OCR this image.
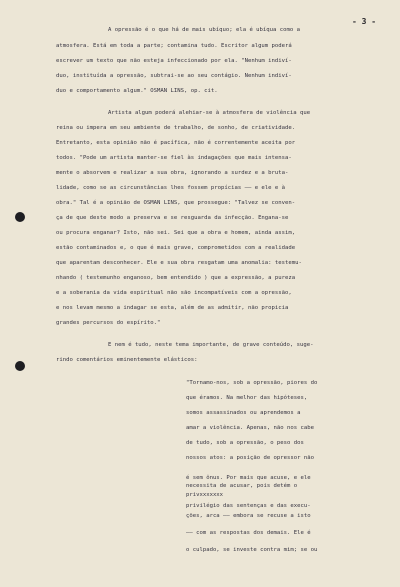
- 3 -
A opressão é o que há de mais ubíquo; ela é ubíqua como a
atmosfera. Está em toda a parte; contamina tudo. Escritor algum poderá
escrever um texto que não esteja infeccionado por ela. "Nenhum indiví-
duo, instituída a opressão, subtrai-se ao seu contágio. Nenhum indiví-
duo e comportamento algum." OSMAN LINS, op. cit.
Artista algum poderá alehiar-se à atmosfera de violência que
reina ou impera em seu ambiente de trabalho, de sonho, de criatividade.
Entretanto, esta opinião não é pacífica, não é correntemente aceita por
todos. "Pode um artista manter-se fiel às indagações que mais intensa-
mente o absorvem e realizar a sua obra, ignorando a surdez e a bruta-
lidade, como se as circunstâncias lhes fossem propícias —— e ele e à
obra." Tal é a opinião de OSMAN LINS, que prossegue: "Talvez se conven-
ça de que deste modo a preserva e se resguarda da infecção. Engana-se
ou procura enganar? Isto, não sei. Sei que a obra e homem, ainda assim,
estão contaminados e, o que é mais grave, comprometidos com a realidade
que aparentam desconhecer. Ele e sua obra resgatam uma anomalia: testemu-
nhando ( testemunho enganoso, bem entendido ) que a expressão, a pureza
e a soberania da vida espiritual não são incompatíveis com a opressão,
e nos levam mesmo a indagar se esta, além de as admitir, não propicia
grandes percursos do espírito."
E nem é tudo, neste tema importante, de grave conteúdo, suge-
rindo comentários eminentemente elásticos:
"Tornamo-nos, sob a opressão, piores do
que éramos. Na melhor das hipóteses,
somos assassinados ou aprendemos a
amar a violência. Apenas, não nos cabe
de tudo, sob a opressão, o peso dos
nossos atos: a posição de opressor não
é sem ônus. Por mais que acuse, e ele
necessita de acusar, pois detém o
privxxxxxxx
privilégio das sentenças e das execu-
ções, arca —— embora se recuse a isto
—— com as respostas dos demais. Ele é
o culpado, se investe contra mim; se ou
